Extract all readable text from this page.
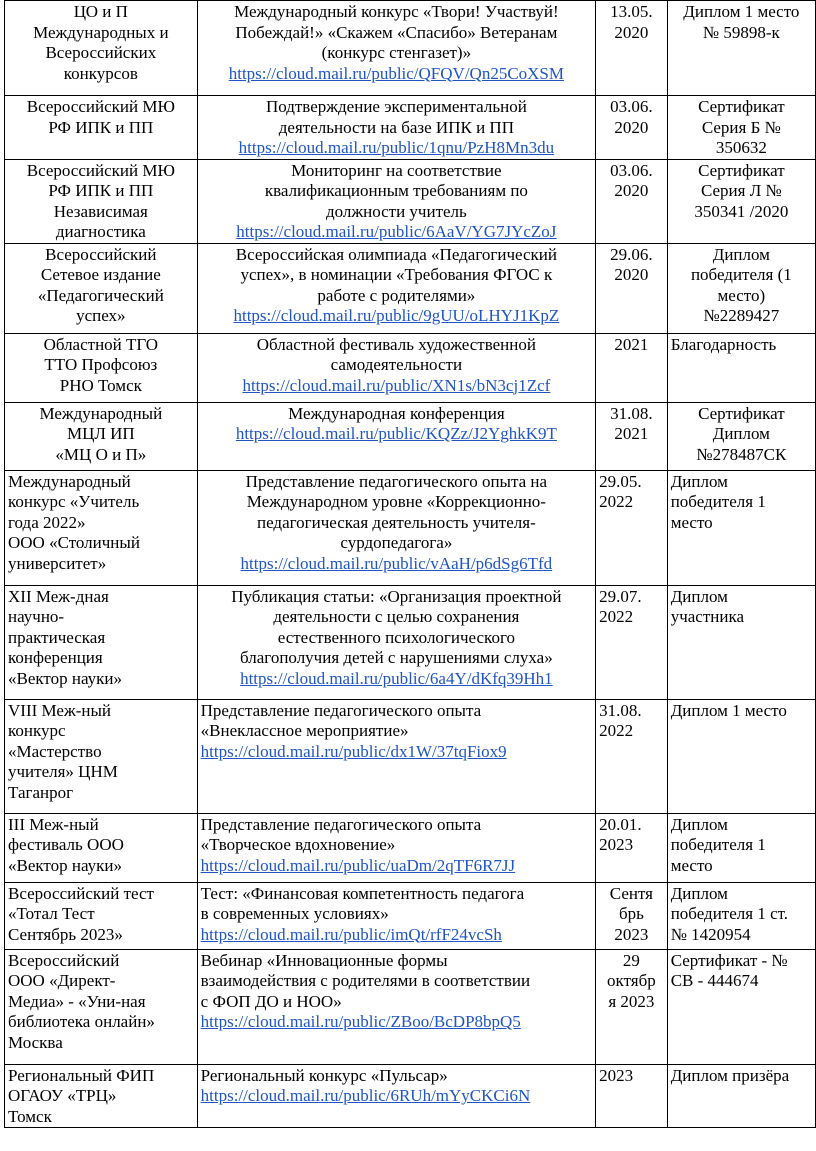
ЦО и П
Международных и
Всероссийских
конкурсов	Международный конкурс «Твори! Участвуй!
Побеждай!» «Скажем «Спасибо» Ветеранам
(конкурс стенгазет)»
https://cloud.mail.ru/public/QFQV/Qn25CoXSM	13.05.
2020	Диплом 1 место
№ 59898-к

Всероссийский МЮ
РФ ИПК и ПП	Подтверждение экспериментальной
деятельности на базе ИПК и ПП
https://cloud.mail.ru/public/1qnu/PzH8Mn3du	03.06.
2020	Сертификат
Серия Б №
350632

Всероссийский МЮ
РФ ИПК и ПП
Независимая
диагностика	Мониторинг на соответствие
квалификационным требованиям по
должности учитель
https://cloud.mail.ru/public/6AaV/YG7JYcZoJ	03.06.
2020	Сертификат
Серия Л №
350341 /2020

Всероссийский
Сетевое издание
«Педагогический
успех»	Всероссийская олимпиада «Педагогический
успех», в номинации «Требования ФГОС к
работе с родителями»
https://cloud.mail.ru/public/9gUU/oLHYJ1KpZ	29.06.
2020	Диплом
победителя (1
место)
№2289427

Областной ТГО
ТТО Профсоюз
РНО Томск	Областной фестиваль художественной
самодеятельности
https://cloud.mail.ru/public/XN1s/bN3cj1Zcf	2021	Благодарность

Международный
МЦЛ ИП
«МЦ О и П»	Международная конференция
https://cloud.mail.ru/public/KQZz/J2YghkK9T	31.08.
2021	Сертификат
Диплом
№278487СК

Международный
конкурс «Учитель
года 2022»
ООО «Столичный
университет»	Представление педагогического опыта на
Международном уровне «Коррекционно-
педагогическая деятельность учителя-
сурдопедагога»
https://cloud.mail.ru/public/vAaH/p6dSg6Tfd	29.05.
2022	Диплом
победителя 1
место

XII Меж-дная
научно-
практическая
конференция
«Вектор науки»	Публикация статьи: «Организация проектной
деятельности с целью сохранения
естественного психологического
благополучия детей с нарушениями слуха»
https://cloud.mail.ru/public/6a4Y/dKfq39Hh1	29.07.
2022	Диплом
участника

VIII Меж-ный
конкурс
«Мастерство
учителя» ЦНМ
Таганрог	Представление педагогического опыта
«Внеклассное мероприятие»
https://cloud.mail.ru/public/dx1W/37tqFiox9	31.08.
2022	Диплом 1 место

III Меж-ный
фестиваль ООО
«Вектор науки»	Представление педагогического опыта
«Творческое вдохновение»
https://cloud.mail.ru/public/uaDm/2qTF6R7JJ	20.01.
2023	Диплом
победителя 1
место

Всероссийский тест
«Тотал Тест
Сентябрь 2023»	Тест: «Финансовая компетентность педагога
в современных условиях»
https://cloud.mail.ru/public/imQt/rfF24vcSh	Сентя
брь
2023	Диплом
победителя 1 ст.
№ 1420954

Всероссийский
ООО «Директ-
Медиа» - «Уни-ная
библиотека онлайн»
Москва	Вебинар «Инновационные формы
взаимодействия с родителями в соответствии
с ФОП ДО и НОО»
https://cloud.mail.ru/public/ZBoo/BcDP8bpQ5	29
октябр
я 2023	Сертификат - №
СВ - 444674

Региональный ФИП
ОГАОУ «ТРЦ»
Томск	Региональный конкурс «Пульсар»
https://cloud.mail.ru/public/6RUh/mYyCKCi6N	2023	Диплом призёра
